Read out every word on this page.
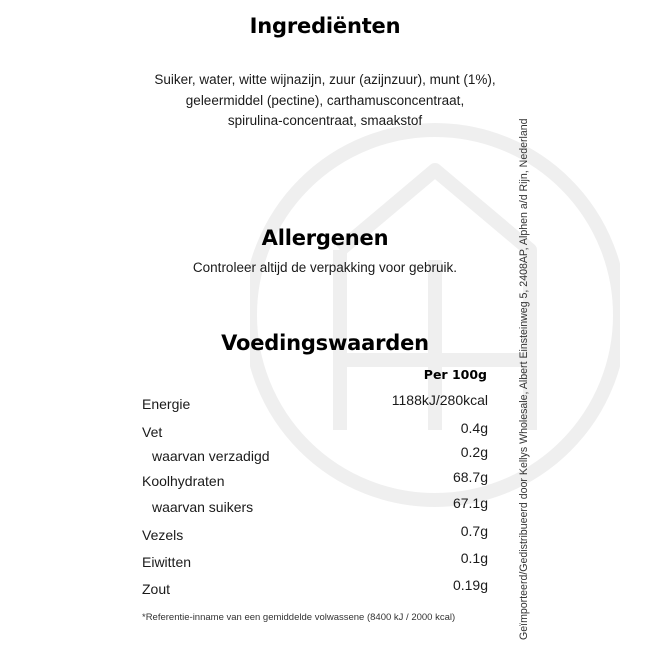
Ingrediënten
Suiker, water, witte wijnazijn, zuur (azijnzuur), munt (1%),
geleermiddel (pectine), carthamusconcentraat,
spirulina-concentraat, smaakstof
Allergenen
Controleer altijd de verpakking voor gebruik.
Voedingswaarden
Per 100g
Energie	1188kJ/280kcal
Vet	0.4g
waarvan verzadigd	0.2g
Koolhydraten	68.7g
waarvan suikers	67.1g
Vezels	0.7g
Eiwitten	0.1g
Zout	0.19g
*Referentie-inname van een gemiddelde volwassene (8400 kJ / 2000 kcal)	Geïmporteerd/Gedistribueerd door Kellys Wholesale, Albert Einsteinweg 5, 2408AP, Alphen a/d Rijn, Nederland
